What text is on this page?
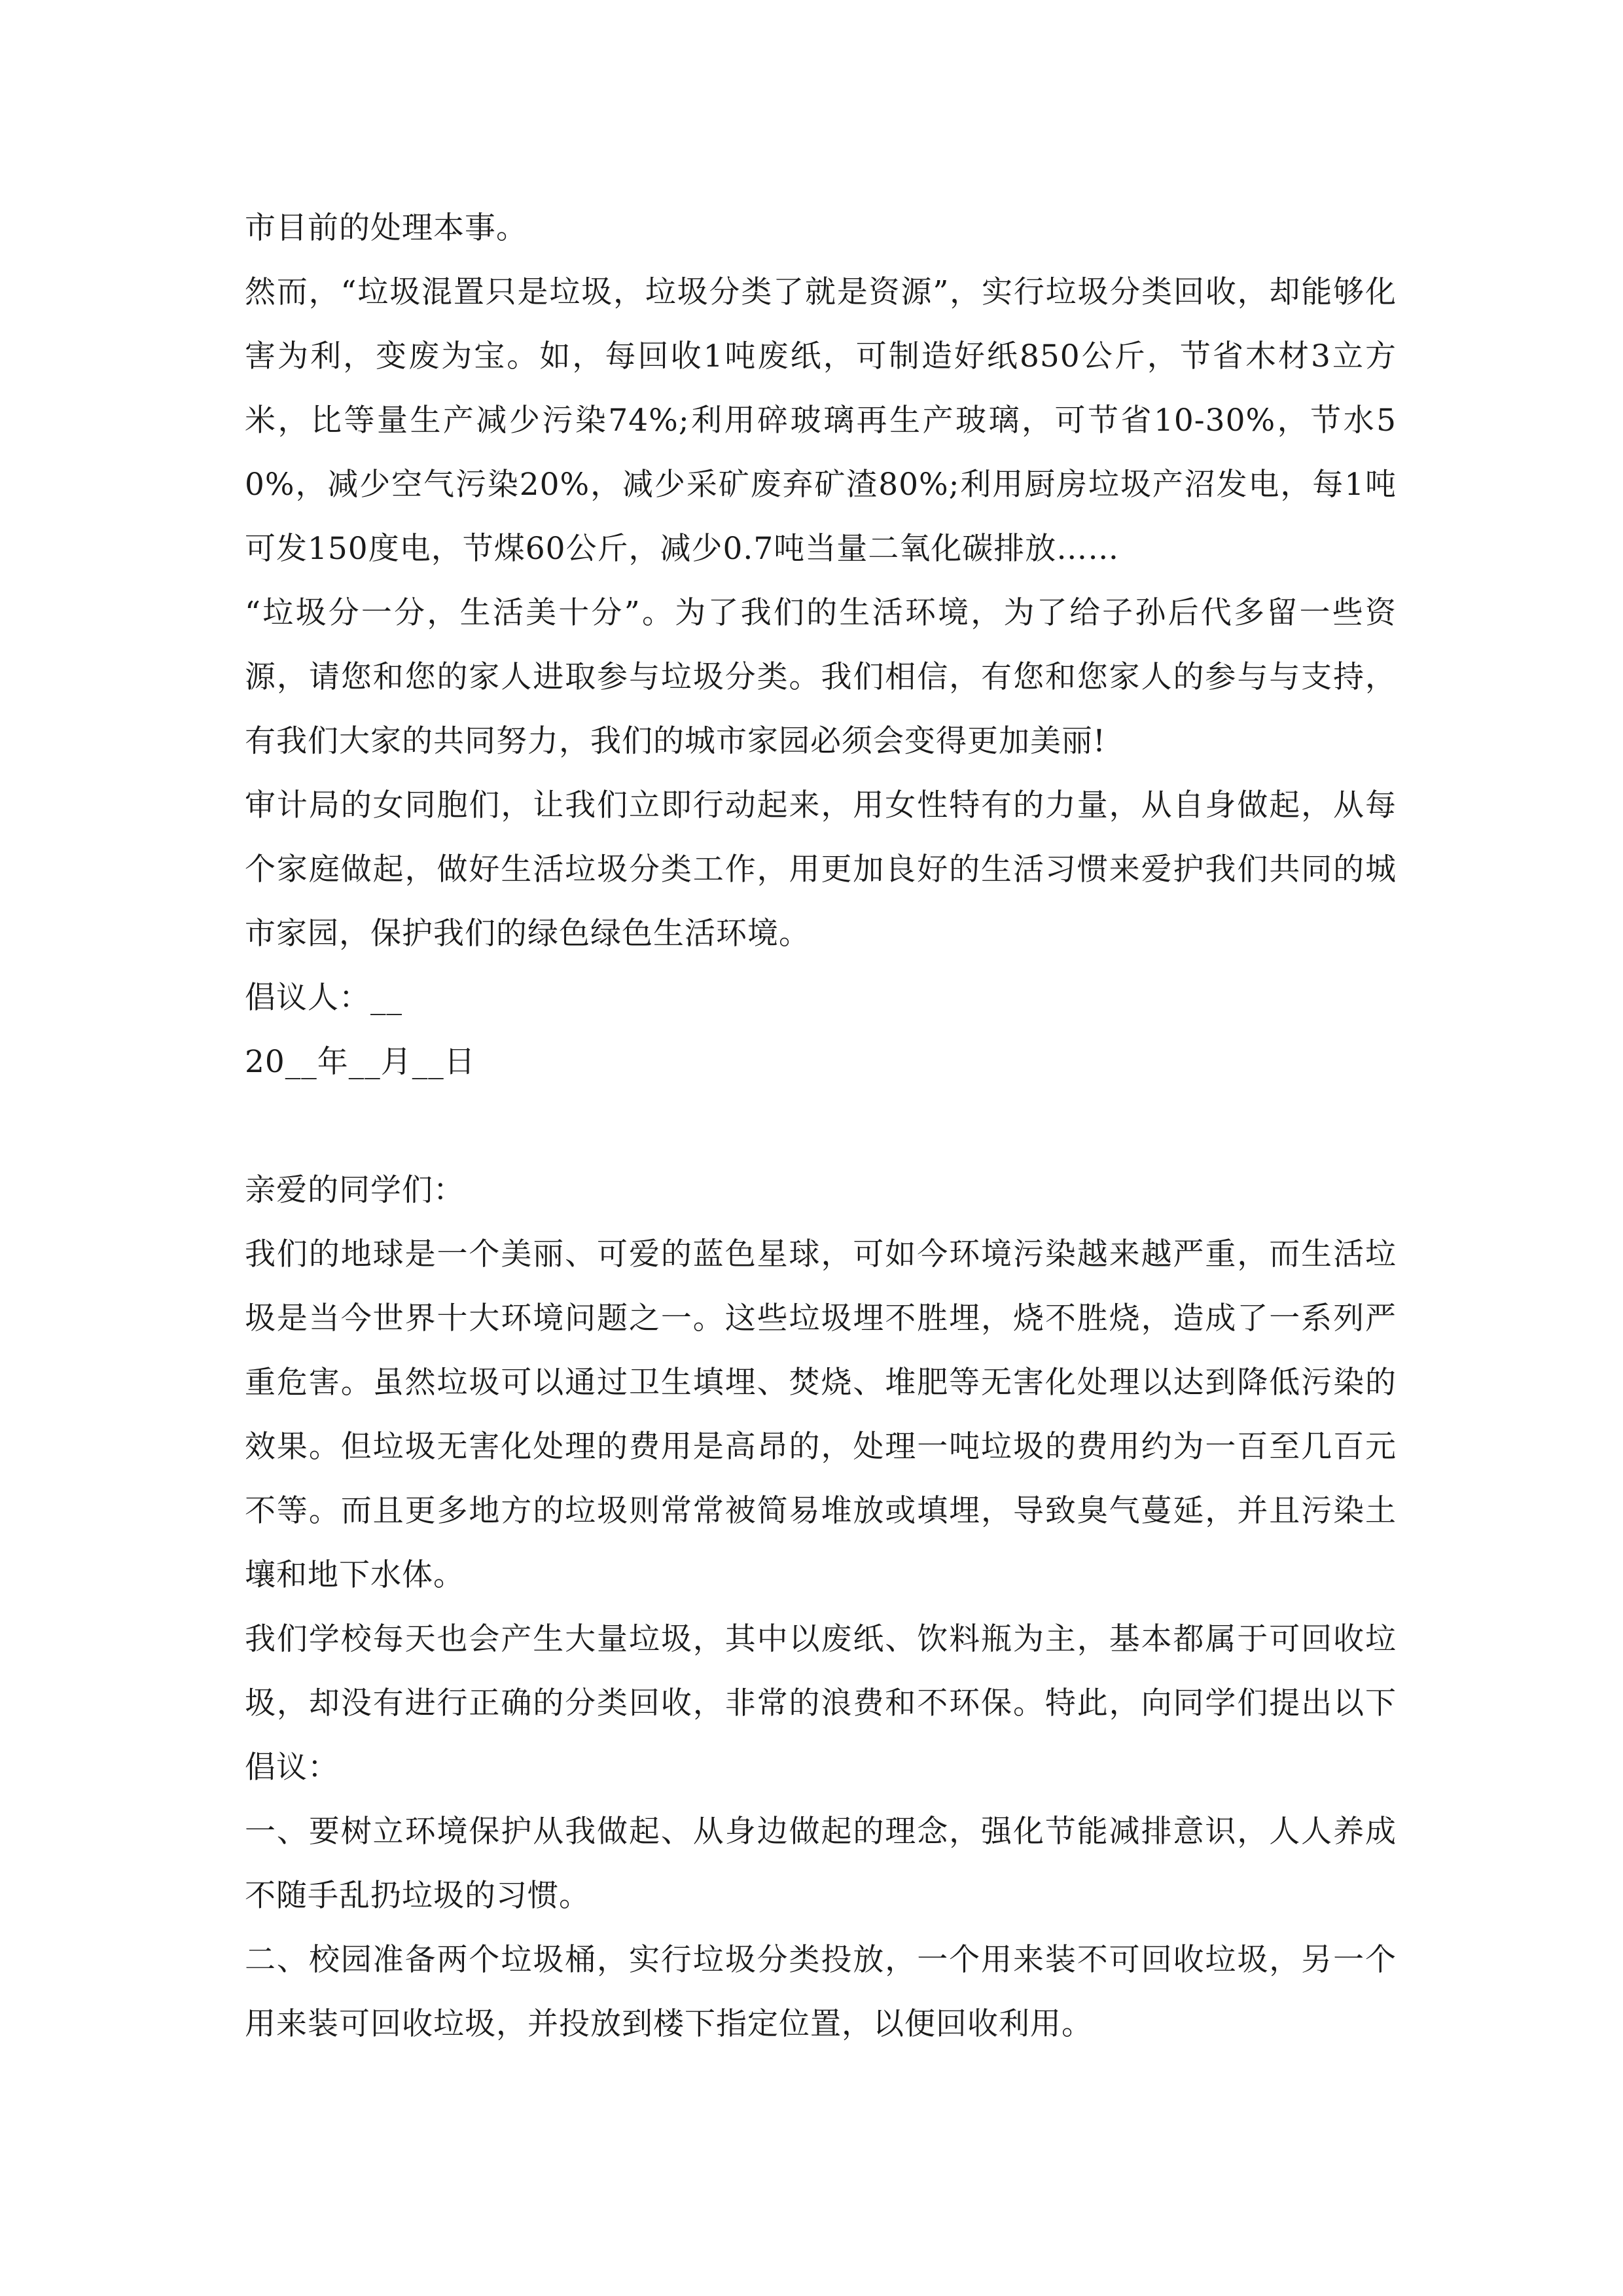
市目前的处理本事。

然而，“垃圾混置只是垃圾，垃圾分类了就是资源”，实行垃圾分类回收，却能够化害为利，变废为宝。如，每回收1吨废纸，可制造好纸850公斤，节省木材3立方米，比等量生产减少污染74%;利用碎玻璃再生产玻璃，可节省10-30%，节水50%，减少空气污染20%，减少采矿废弃矿渣80%;利用厨房垃圾产沼发电，每1吨可发150度电，节煤60公斤，减少0.7吨当量二氧化碳排放……

“垃圾分一分，生活美十分”。为了我们的生活环境，为了给子孙后代多留一些资源，请您和您的家人进取参与垃圾分类。我们相信，有您和您家人的参与与支持，有我们大家的共同努力，我们的城市家园必须会变得更加美丽!

审计局的女同胞们，让我们立即行动起来，用女性特有的力量，从自身做起，从每个家庭做起，做好生活垃圾分类工作，用更加良好的生活习惯来爱护我们共同的城市家园，保护我们的绿色绿色生活环境。

倡议人：__

20__年__月__日

亲爱的同学们：

我们的地球是一个美丽、可爱的蓝色星球，可如今环境污染越来越严重，而生活垃圾是当今世界十大环境问题之一。这些垃圾埋不胜埋，烧不胜烧，造成了一系列严重危害。虽然垃圾可以通过卫生填埋、焚烧、堆肥等无害化处理以达到降低污染的效果。但垃圾无害化处理的费用是高昂的，处理一吨垃圾的费用约为一百至几百元不等。而且更多地方的垃圾则常常被简易堆放或填埋，导致臭气蔓延，并且污染土壤和地下水体。

我们学校每天也会产生大量垃圾，其中以废纸、饮料瓶为主，基本都属于可回收垃圾，却没有进行正确的分类回收，非常的浪费和不环保。特此，向同学们提出以下倡议：

一、要树立环境保护从我做起、从身边做起的理念，强化节能减排意识，人人养成不随手乱扔垃圾的习惯。

二、校园准备两个垃圾桶，实行垃圾分类投放，一个用来装不可回收垃圾，另一个用来装可回收垃圾，并投放到楼下指定位置，以便回收利用。
